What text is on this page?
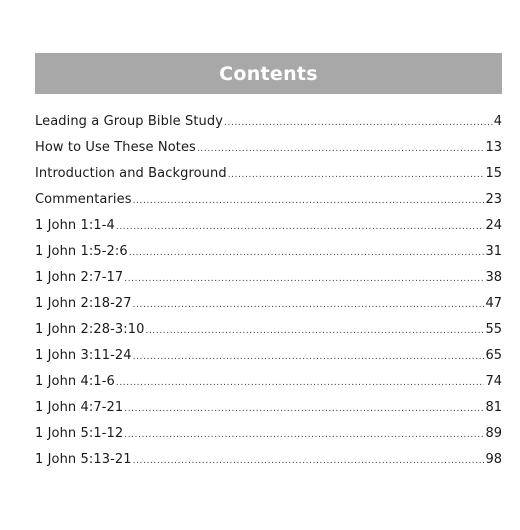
Contents
Leading a Group Bible Study .....	4
How to Use These Notes .....	13
Introduction and Background .....	15
Commentaries .....	23
1 John 1:1-4 .....	24
1 John 1:5-2:6 .....	31
1 John 2:7-17 .....	38
1 John 2:18-27 .....	47
1 John 2:28-3:10 .....	55
1 John 3:11-24 .....	65
1 John 4:1-6 .....	74
1 John 4:7-21 .....	81
1 John 5:1-12 .....	89
1 John 5:13-21 .....	98
